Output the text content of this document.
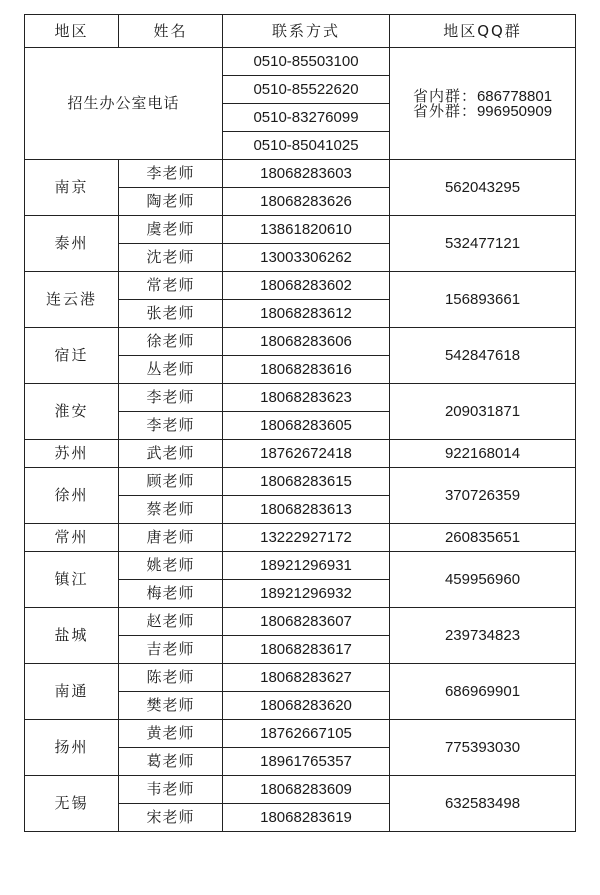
地区	姓名	联系方式	地区QQ群
招生办公室电话		0510-85503100	省内群：686778801
省外群：996950909

		0510-85522620	
		0510-83276099	
		0510-85041025	
南京	李老师	18068283603	562043295
	陶老师	18068283626	
泰州	虞老师	13861820610	532477121
	沈老师	13003306262	
连云港	常老师	18068283602	156893661
	张老师	18068283612	
宿迁	徐老师	18068283606	542847618
	丛老师	18068283616	
淮安	李老师	18068283623	209031871
	李老师	18068283605	
苏州	武老师	18762672418	922168014
徐州	顾老师	18068283615	370726359
	蔡老师	18068283613	
常州	唐老师	13222927172	260835651
镇江	姚老师	18921296931	459956960
	梅老师	18921296932	
盐城	赵老师	18068283607	239734823
	吉老师	18068283617	
南通	陈老师	18068283627	686969901
	樊老师	18068283620	
扬州	黄老师	18762667105	775393030
	葛老师	18961765357	
无锡	韦老师	18068283609	632583498
	宋老师	18068283619	
